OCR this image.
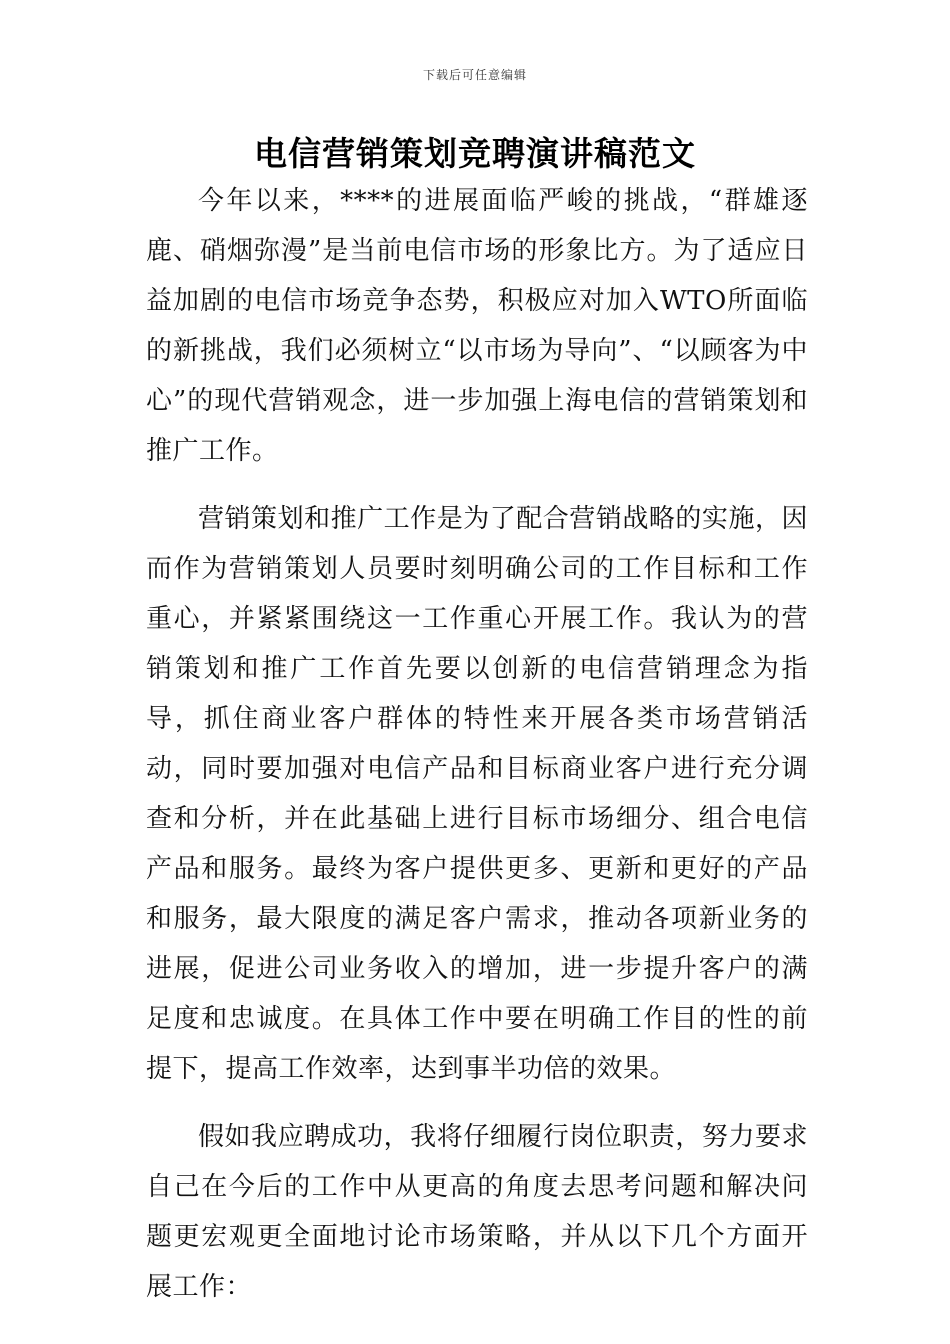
下载后可任意编辑
电信营销策划竞聘演讲稿范文

今年以来，****的进展面临严峻的挑战，“群雄逐鹿、硝烟弥漫”是当前电信市场的形象比方。为了适应日益加剧的电信市场竞争态势，积极应对加入WTO所面临的新挑战，我们必须树立“以市场为导向”、“以顾客为中心”的现代营销观念，进一步加强上海电信的营销策划和推广工作。

营销策划和推广工作是为了配合营销战略的实施，因而作为营销策划人员要时刻明确公司的工作目标和工作重心，并紧紧围绕这一工作重心开展工作。我认为的营销策划和推广工作首先要以创新的电信营销理念为指导，抓住商业客户群体的特性来开展各类市场营销活动，同时要加强对电信产品和目标商业客户进行充分调查和分析，并在此基础上进行目标市场细分、组合电信产品和服务。最终为客户提供更多、更新和更好的产品和服务，最大限度的满足客户需求，推动各项新业务的进展，促进公司业务收入的增加，进一步提升客户的满足度和忠诚度。在具体工作中要在明确工作目的性的前提下，提高工作效率，达到事半功倍的效果。

假如我应聘成功，我将仔细履行岗位职责，努力要求自己在今后的工作中从更高的角度去思考问题和解决问题更宏观更全面地讨论市场策略，并从以下几个方面开展工作：
